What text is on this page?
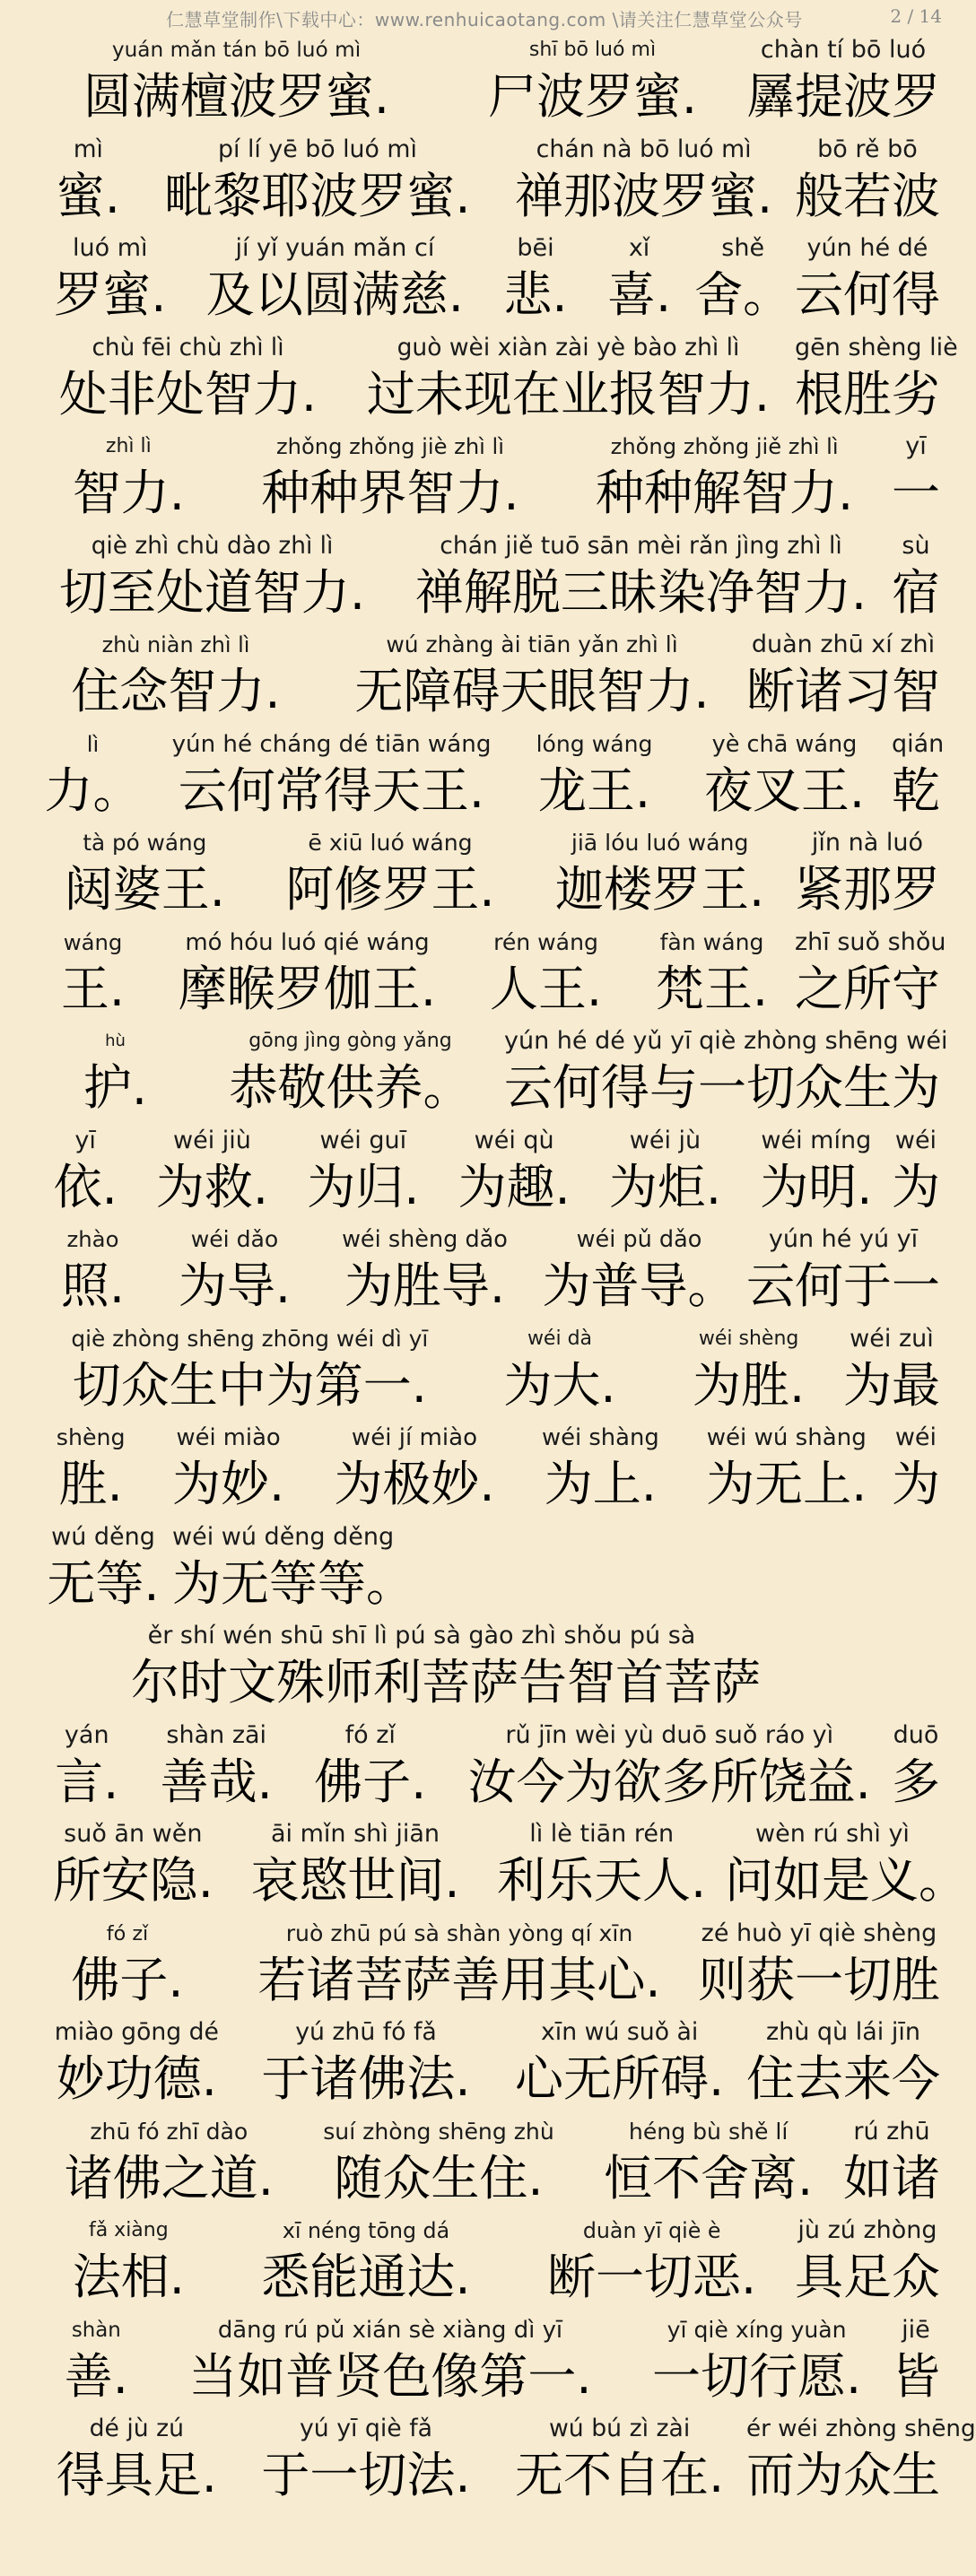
仁慧草堂制作\下载中心：www.renhuicaotang.com \请关注仁慧草堂公众号	2 / 14
yuán mǎn tán bō luó mì
圆满檀波罗蜜.
shī bō luó mì
尸波罗蜜.
chàn tí bō luó
羼提波罗
mì
蜜.
pí lí yē bō luó mì
毗黎耶波罗蜜.
chán nà bō luó mì
禅那波罗蜜.
bō rě bō
般若波
luó mì
罗蜜.
jí yǐ yuán mǎn cí
及以圆满慈.
bēi
悲.
xǐ
喜.
shě
舍。
yún hé dé
云何得
chù fēi chù zhì lì
处非处智力.
guò wèi xiàn zài yè bào zhì lì
过未现在业报智力.
gēn shèng liè
根胜劣
zhì lì
智力.
zhǒng zhǒng jiè zhì lì
种种界智力.
zhǒng zhǒng jiě zhì lì
种种解智力.
yī
一
qiè zhì chù dào zhì lì
切至处道智力.
chán jiě tuō sān mèi rǎn jìng zhì lì
禅解脱三昧染净智力.
sù
宿
zhù niàn zhì lì
住念智力.
wú zhàng ài tiān yǎn zhì lì
无障碍天眼智力.
duàn zhū xí zhì
断诸习智
lì
力。
yún hé cháng dé tiān wáng
云何常得天王.
lóng wáng
龙王.
yè chā wáng
夜叉王.
qián
乾
tà pó wáng
闼婆王.
ē xiū luó wáng
阿修罗王.
jiā lóu luó wáng
迦楼罗王.
jǐn nà luó
紧那罗
wáng
王.
mó hóu luó qié wáng
摩睺罗伽王.
rén wáng
人王.
fàn wáng
梵王.
zhī suǒ shǒu
之所守
hù
护.
gōng jìng gòng yǎng
恭敬供养。
yún hé dé yǔ yī qiè zhòng shēng wéi
云何得与一切众生为
yī
依.
wéi jiù
为救.
wéi guī
为归.
wéi qù
为趣.
wéi jù
为炬.
wéi míng
为明.
wéi
为
zhào
照.
wéi dǎo
为导.
wéi shèng dǎo
为胜导.
wéi pǔ dǎo
为普导。
yún hé yú yī
云何于一
qiè zhòng shēng zhōng wéi dì yī
切众生中为第一.
wéi dà
为大.
wéi shèng
为胜.
wéi zuì
为最
shèng
胜.
wéi miào
为妙.
wéi jí miào
为极妙.
wéi shàng
为上.
wéi wú shàng
为无上.
wéi
为
wú děng
无等.
wéi wú děng děng
为无等等。
　　ěr shí wén shū shī lì pú sà gào zhì shǒu pú sà
　　尔时文殊师利菩萨告智首菩萨
yán
言.
shàn zāi
善哉.
fó zǐ
佛子.
rǔ jīn wèi yù duō suǒ ráo yì
汝今为欲多所饶益.
duō
多
suǒ ān wěn
所安隐.
āi mǐn shì jiān
哀愍世间.
lì lè tiān rén
利乐天人.
wèn rú shì yì
问如是义。
fó zǐ
佛子.
ruò zhū pú sà shàn yòng qí xīn
若诸菩萨善用其心.
zé huò yī qiè shèng
则获一切胜
miào gōng dé
妙功德.
yú zhū fó fǎ
于诸佛法.
xīn wú suǒ ài
心无所碍.
zhù qù lái jīn
住去来今
zhū fó zhī dào
诸佛之道.
suí zhòng shēng zhù
随众生住.
héng bù shě lí
恒不舍离.
rú zhū
如诸
fǎ xiàng
法相.
xī néng tōng dá
悉能通达.
duàn yī qiè è
断一切恶.
jù zú zhòng
具足众
shàn
善.
dāng rú pǔ xián sè xiàng dì yī
当如普贤色像第一.
yī qiè xíng yuàn
一切行愿.
jiē
皆
dé jù zú
得具足.
yú yī qiè fǎ
于一切法.
wú bú zì zài
无不自在.
ér wéi zhòng shēng
而为众生
